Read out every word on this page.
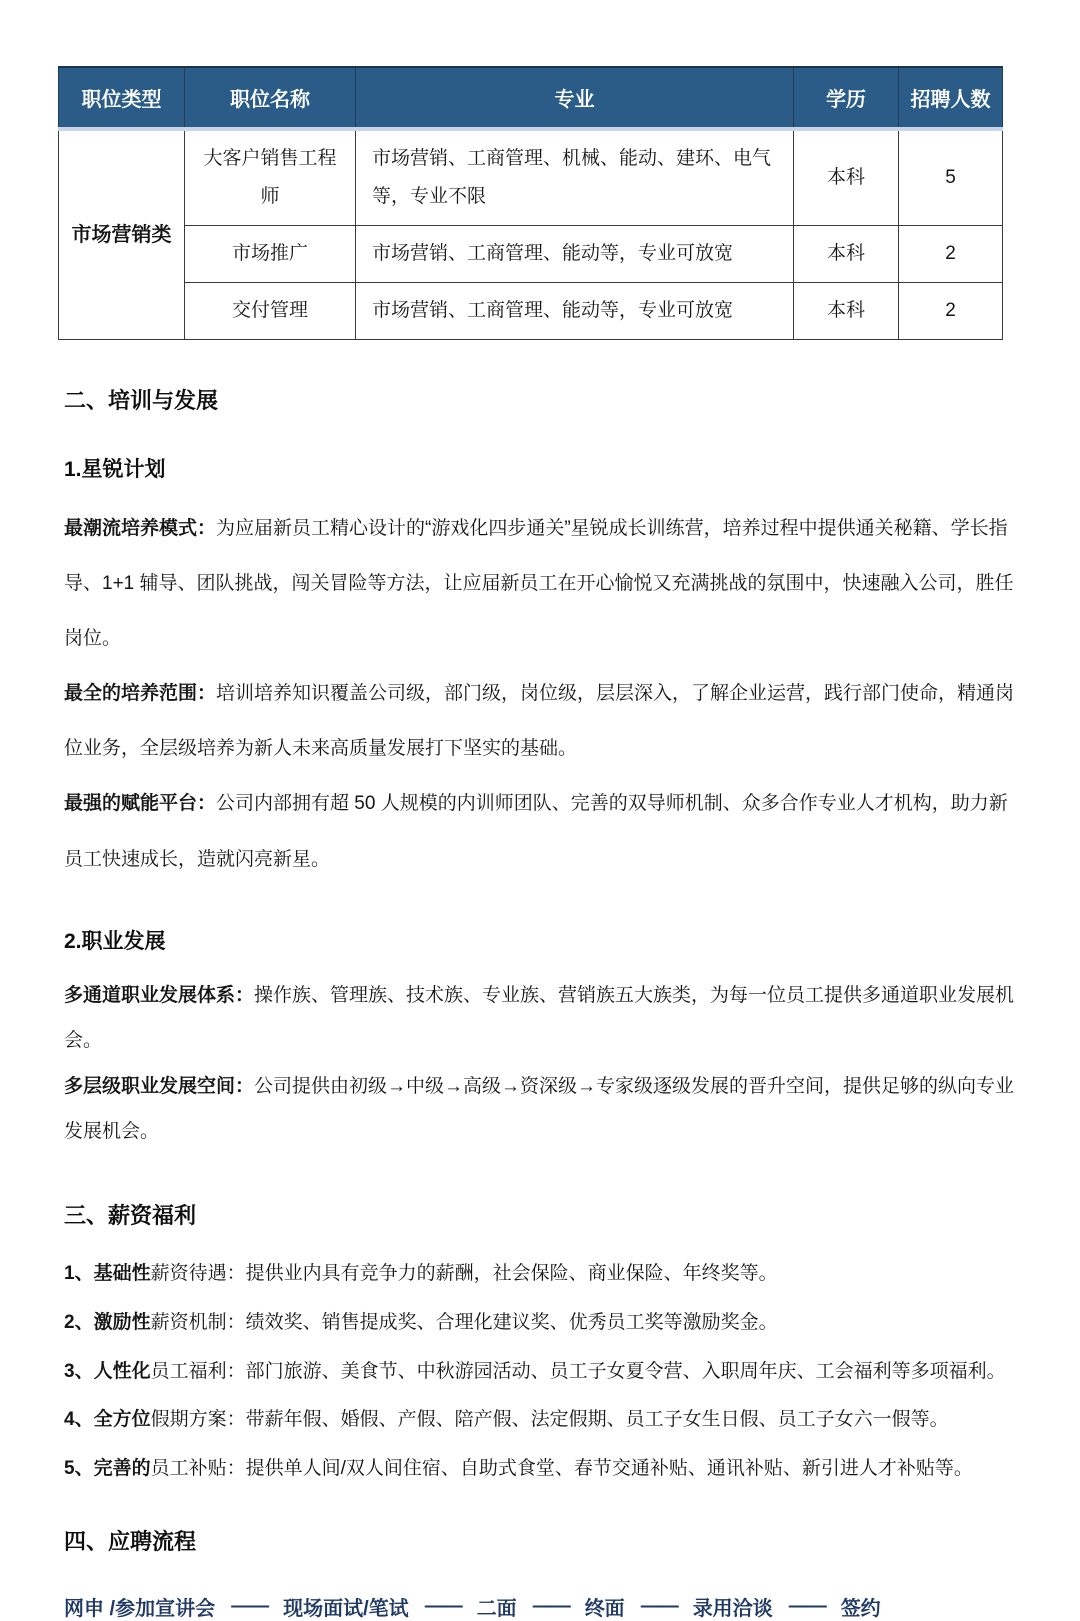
职位类型	职位名称	专业	学历	招聘人数
市场营销类	大客户销售工程师	市场营销、工商管理、机械、能动、建环、电气等，专业不限	本科	5
	市场推广	市场营销、工商管理、能动等，专业可放宽	本科	2
	交付管理	市场营销、工商管理、能动等，专业可放宽	本科	2
二、培训与发展
1.星锐计划

最潮流培养模式：为应届新员工精心设计的“游戏化四步通关”星锐成长训练营，培养过程中提供通关秘籍、学长指导、1+1 辅导、团队挑战，闯关冒险等方法，让应届新员工在开心愉悦又充满挑战的氛围中，快速融入公司，胜任岗位。

最全的培养范围：培训培养知识覆盖公司级，部门级，岗位级，层层深入，了解企业运营，践行部门使命，精通岗位业务，全层级培养为新人未来高质量发展打下坚实的基础。

最强的赋能平台：公司内部拥有超 50 人规模的内训师团队、完善的双导师机制、众多合作专业人才机构，助力新员工快速成长，造就闪亮新星。

2.职业发展

多通道职业发展体系：操作族、管理族、技术族、专业族、营销族五大族类，为每一位员工提供多通道职业发展机会。

多层级职业发展空间：公司提供由初级→中级→高级→资深级→专家级逐级发展的晋升空间，提供足够的纵向专业发展机会。

三、薪资福利

1、基础性薪资待遇：提供业内具有竞争力的薪酬，社会保险、商业保险、年终奖等。

2、激励性薪资机制：绩效奖、销售提成奖、合理化建议奖、优秀员工奖等激励奖金。

3、人性化员工福利：部门旅游、美食节、中秋游园活动、员工子女夏令营、入职周年庆、工会福利等多项福利。

4、全方位假期方案：带薪年假、婚假、产假、陪产假、法定假期、员工子女生日假、员工子女六一假等。

5、完善的员工补贴：提供单人间/双人间住宿、自助式食堂、春节交通补贴、通讯补贴、新引进人才补贴等。

四、应聘流程
网申 /参加宣讲会 —— 现场面试/笔试 —— 二面 —— 终面 —— 录用洽谈 —— 签约
